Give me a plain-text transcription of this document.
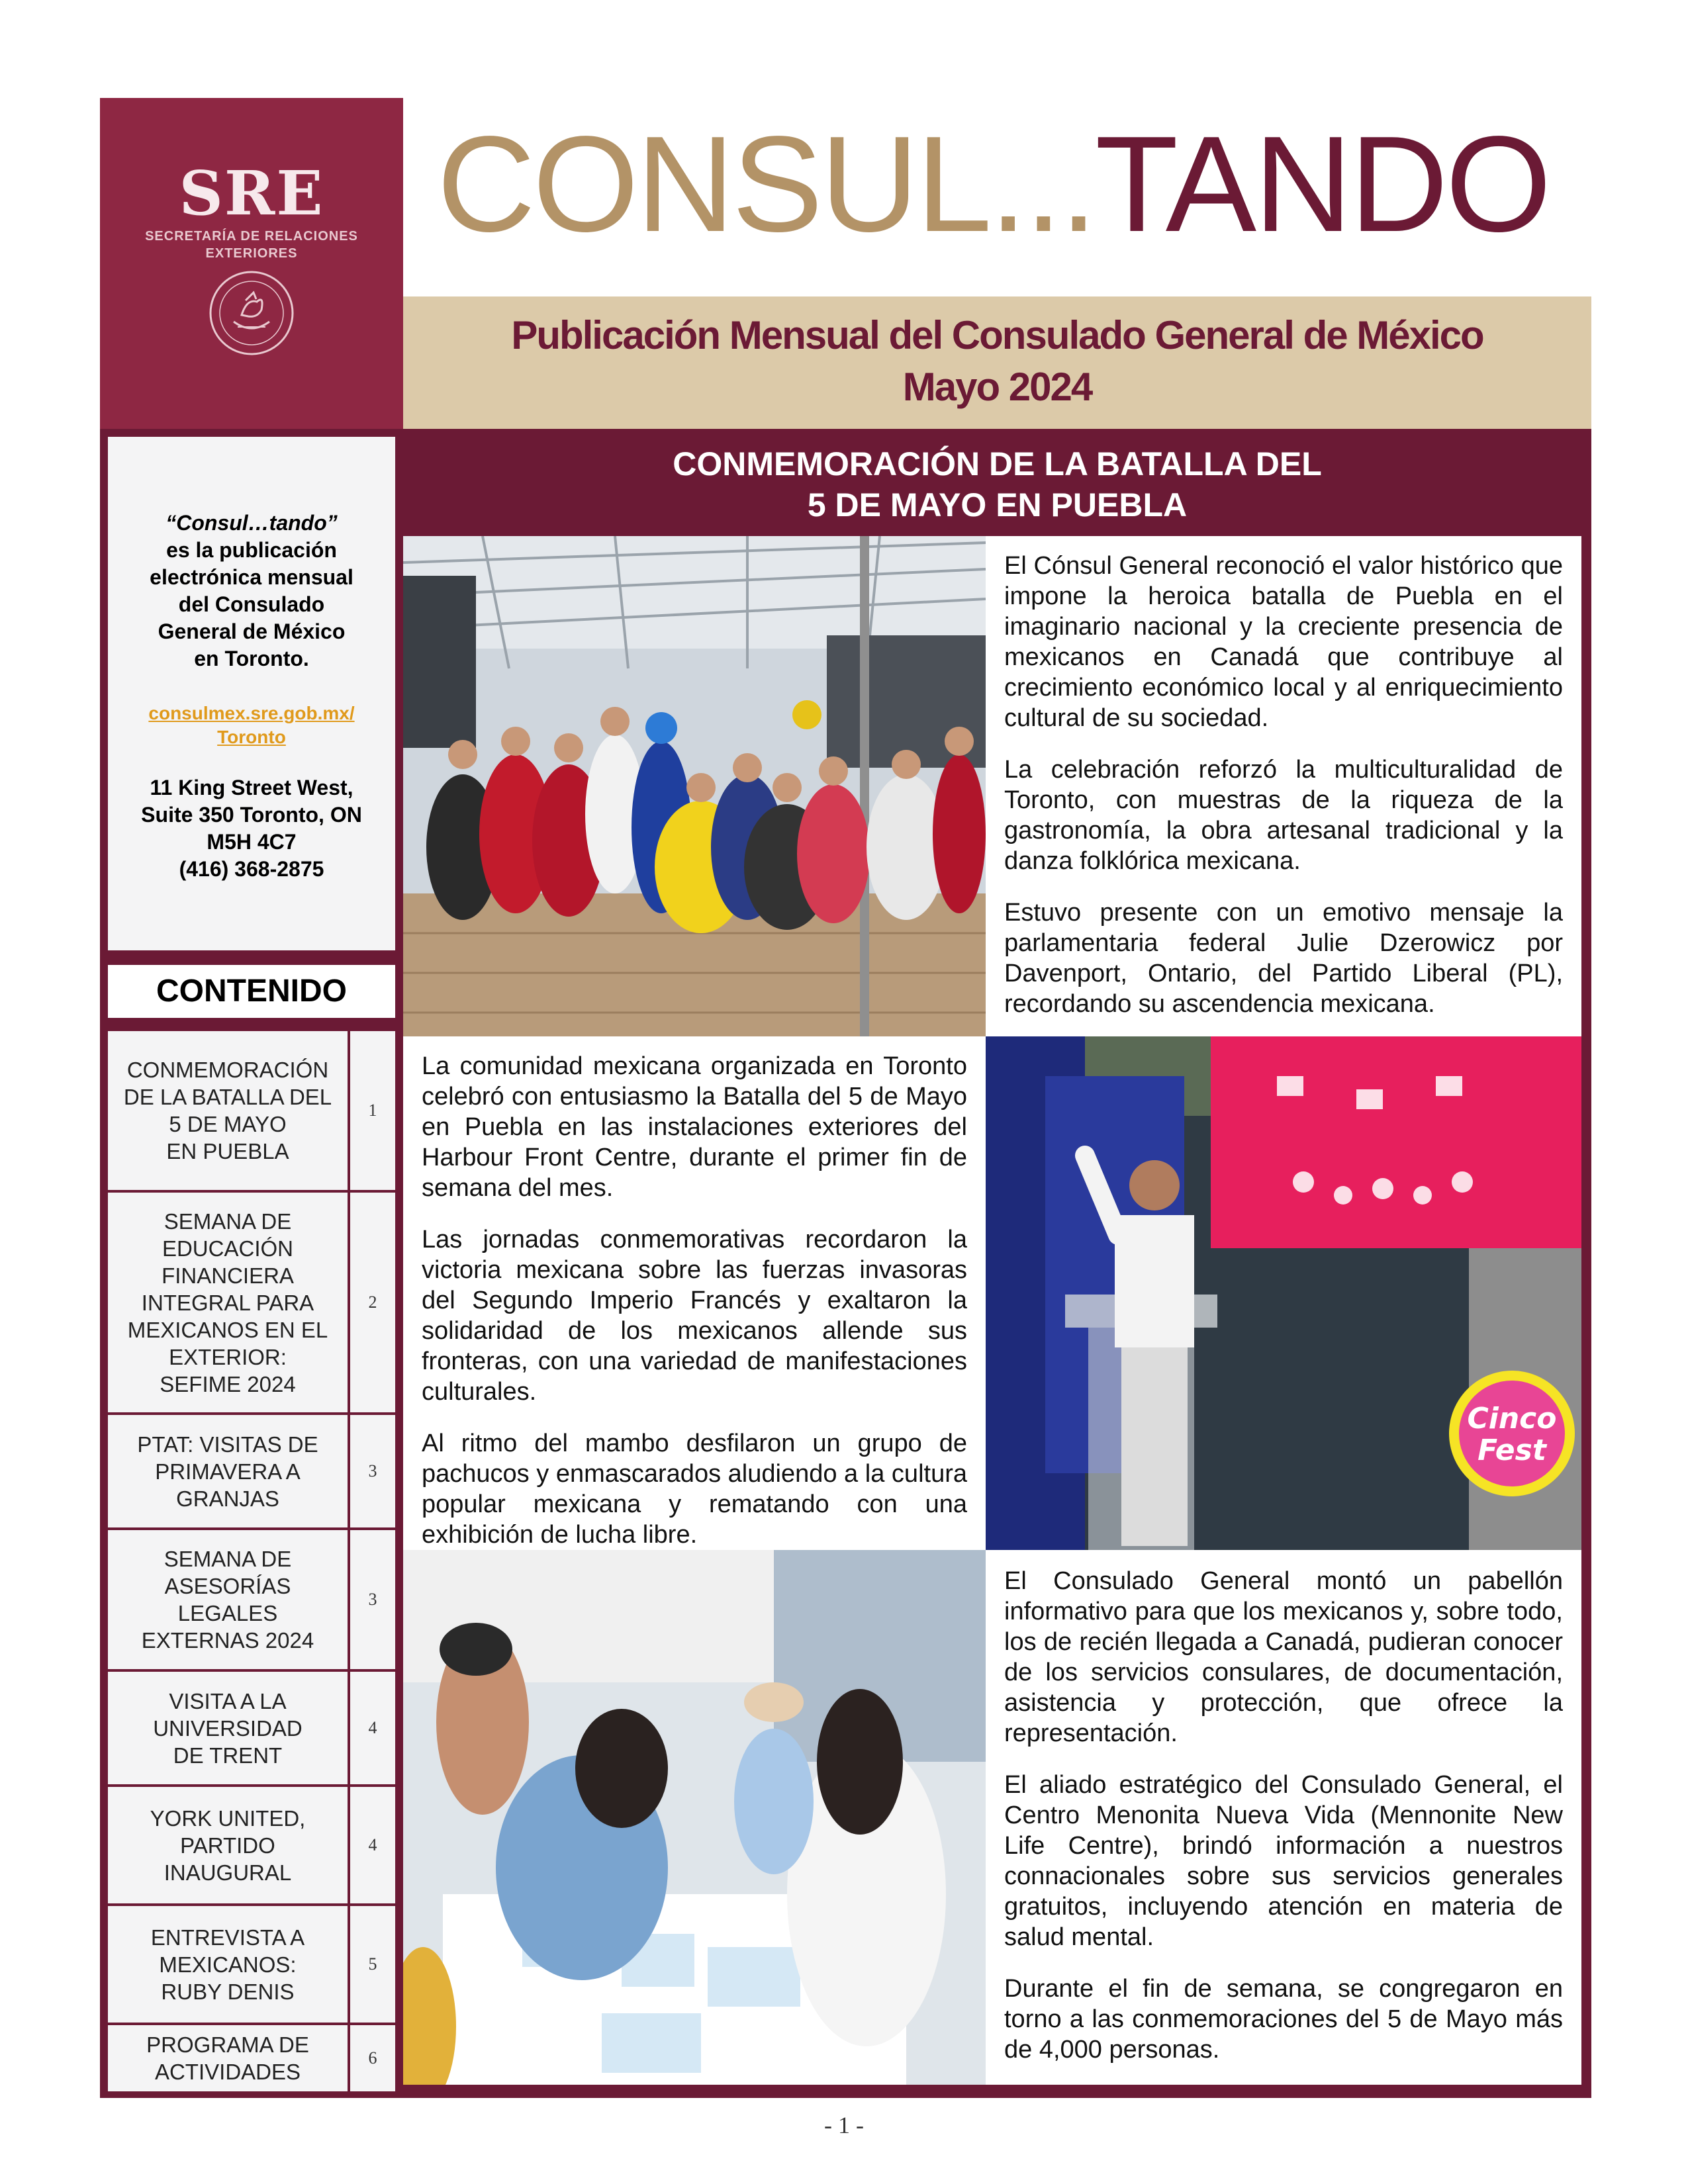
SRE
SECRETARÍA DE RELACIONES
EXTERIORES	CONSUL...TANDO
Publicación Mensual del Consulado General de México
Mayo 2024
“Consul…tando”
es la publicación
electrónica mensual
del Consulado
General de México
en Toronto.
consulmex.sre.gob.mx/
Toronto
11 King Street West,
Suite 350 Toronto, ON
M5H 4C7
(416) 368-2875
CONTENIDO
CONMEMORACIÓN
DE LA BATALLA DEL
5 DE MAYO
EN PUEBLA
1
SEMANA DE
EDUCACIÓN
FINANCIERA
INTEGRAL PARA
MEXICANOS EN EL
EXTERIOR:
SEFIME 2024
2
PTAT: VISITAS DE
PRIMAVERA A
GRANJAS
3
SEMANA DE
ASESORÍAS
LEGALES
EXTERNAS 2024
3
VISITA A LA
UNIVERSIDAD
DE TRENT
4
YORK UNITED,
PARTIDO
INAUGURAL
4
ENTREVISTA A
MEXICANOS:
RUBY DENIS
5
PROGRAMA DE
ACTIVIDADES
6
CONMEMORACIÓN DE LA BATALLA DEL
5 DE MAYO EN PUEBLA

El Cónsul General reconoció el valor histórico que impone la heroica batalla de Puebla en el imaginario nacional y la creciente presencia de mexicanos en Canadá que contribuye al crecimiento económico local y al enriquecimiento cultural de su sociedad.

La celebración reforzó la multiculturalidad de Toronto, con muestras de la riqueza de la gastronomía, la obra artesanal tradicional y la danza folklórica mexicana.

Estuvo presente con un emotivo mensaje la parlamentaria federal Julie Dzerowicz por Davenport, Ontario, del Partido Liberal (PL), recordando su ascendencia mexicana.

La comunidad mexicana organizada en Toronto celebró con entusiasmo la Batalla del 5 de Mayo en Puebla en las instalaciones exteriores del Harbour Front Centre, durante el primer fin de semana del mes.

Las jornadas conmemorativas recordaron la victoria mexicana sobre las fuerzas invasoras del Segundo Imperio Francés y exaltaron la solidaridad de los mexicanos allende sus fronteras, con una variedad de manifestaciones culturales.

Al ritmo del mambo desfilaron un grupo de pachucos y enmascarados aludiendo a la cultura popular mexicana y rematando con una exhibición de lucha libre.

Cinco
Fest

El Consulado General montó un pabellón informativo para que los mexicanos y, sobre todo, los de recién llegada a Canadá, pudieran conocer de los servicios consulares, de documentación, asistencia y protección, que ofrece la representación.

El aliado estratégico del Consulado General, el Centro Menonita Nueva Vida (Mennonite New Life Centre), brindó información a nuestros connacionales sobre sus servicios generales gratuitos, incluyendo atención en materia de salud mental.

Durante el fin de semana, se congregaron en torno a las conmemoraciones del 5 de Mayo más de 4,000 personas.

- 1 -
